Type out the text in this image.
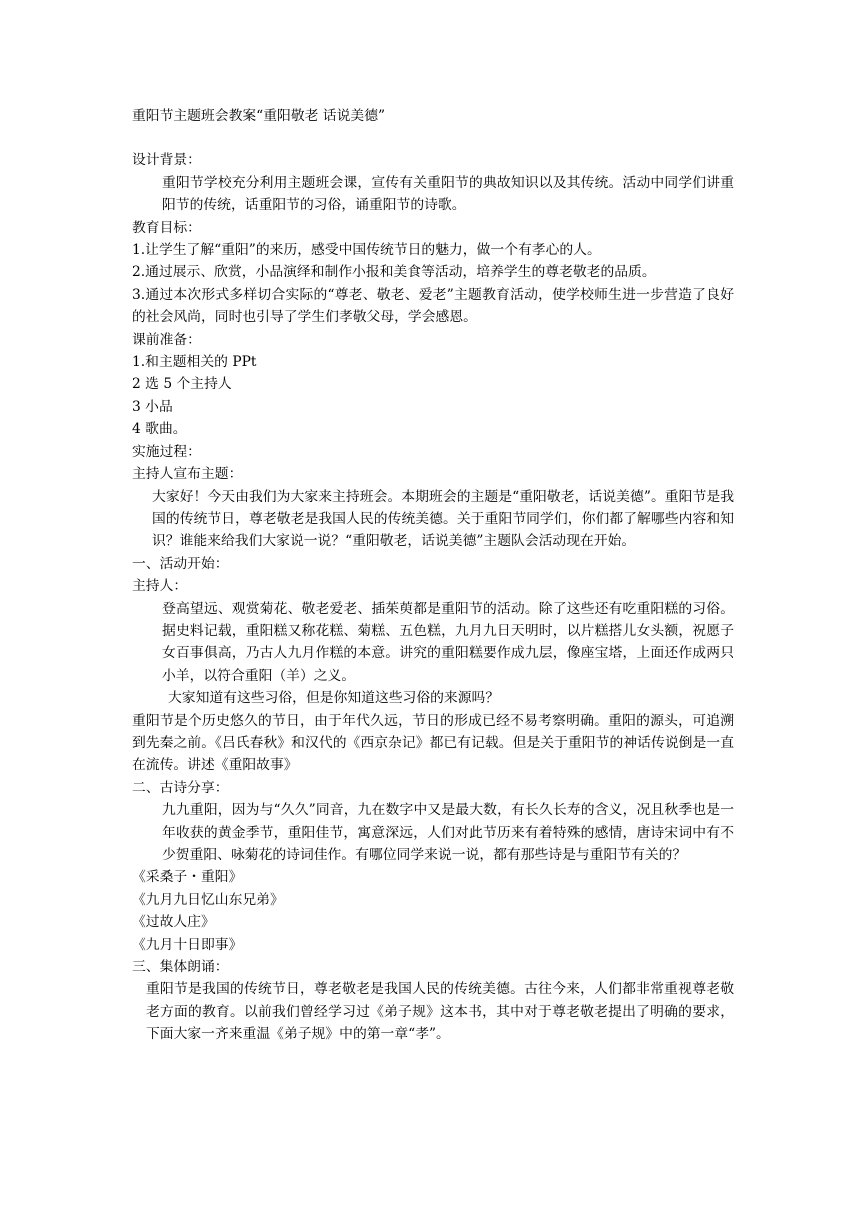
重阳节主题班会教案“重阳敬老 话说美德”
设计背景：
重阳节学校充分利用主题班会课，宣传有关重阳节的典故知识以及其传统。活动中同学们讲重阳节的传统，话重阳节的习俗，诵重阳节的诗歌。
教育目标：
1.让学生了解“重阳”的来历，感受中国传统节日的魅力，做一个有孝心的人。
2.通过展示、欣赏，小品演绎和制作小报和美食等活动，培养学生的尊老敬老的品质。
3.通过本次形式多样切合实际的“尊老、敬老、爱老”主题教育活动，使学校师生进一步营造了良好的社会风尚，同时也引导了学生们孝敬父母，学会感恩。
课前准备：
1.和主题相关的 PPt
2 选 5 个主持人
3 小品
4 歌曲。
实施过程：
主持人宣布主题：
大家好！今天由我们为大家来主持班会。本期班会的主题是“重阳敬老，话说美德”。重阳节是我国的传统节日，尊老敬老是我国人民的传统美德。关于重阳节同学们，你们都了解哪些内容和知识？谁能来给我们大家说一说？“重阳敬老，话说美德”主题队会活动现在开始。
一、活动开始：
主持人：
登高望远、观赏菊花、敬老爱老、插茱萸都是重阳节的活动。除了这些还有吃重阳糕的习俗。据史料记载，重阳糕又称花糕、菊糕、五色糕，九月九日天明时，以片糕搭儿女头额，祝愿子女百事俱高，乃古人九月作糕的本意。讲究的重阳糕要作成九层，像座宝塔，上面还作成两只小羊，以符合重阳（羊）之义。
大家知道有这些习俗，但是你知道这些习俗的来源吗？
重阳节是个历史悠久的节日，由于年代久远，节日的形成已经不易考察明确。重阳的源头，可追溯到先秦之前。《吕氏春秋》和汉代的《西京杂记》都已有记载。但是关于重阳节的神话传说倒是一直在流传。讲述《重阳故事》
二、古诗分享：
九九重阳，因为与“久久”同音，九在数字中又是最大数，有长久长寿的含义，况且秋季也是一年收获的黄金季节，重阳佳节，寓意深远，人们对此节历来有着特殊的感情，唐诗宋词中有不少贺重阳、咏菊花的诗词佳作。有哪位同学来说一说，都有那些诗是与重阳节有关的？
《采桑子・重阳》
《九月九日忆山东兄弟》
《过故人庄》
《九月十日即事》
三、集体朗诵：
重阳节是我国的传统节日，尊老敬老是我国人民的传统美德。古往今来，人们都非常重视尊老敬老方面的教育。以前我们曾经学习过《弟子规》这本书，其中对于尊老敬老提出了明确的要求，下面大家一齐来重温《弟子规》中的第一章“孝”。
